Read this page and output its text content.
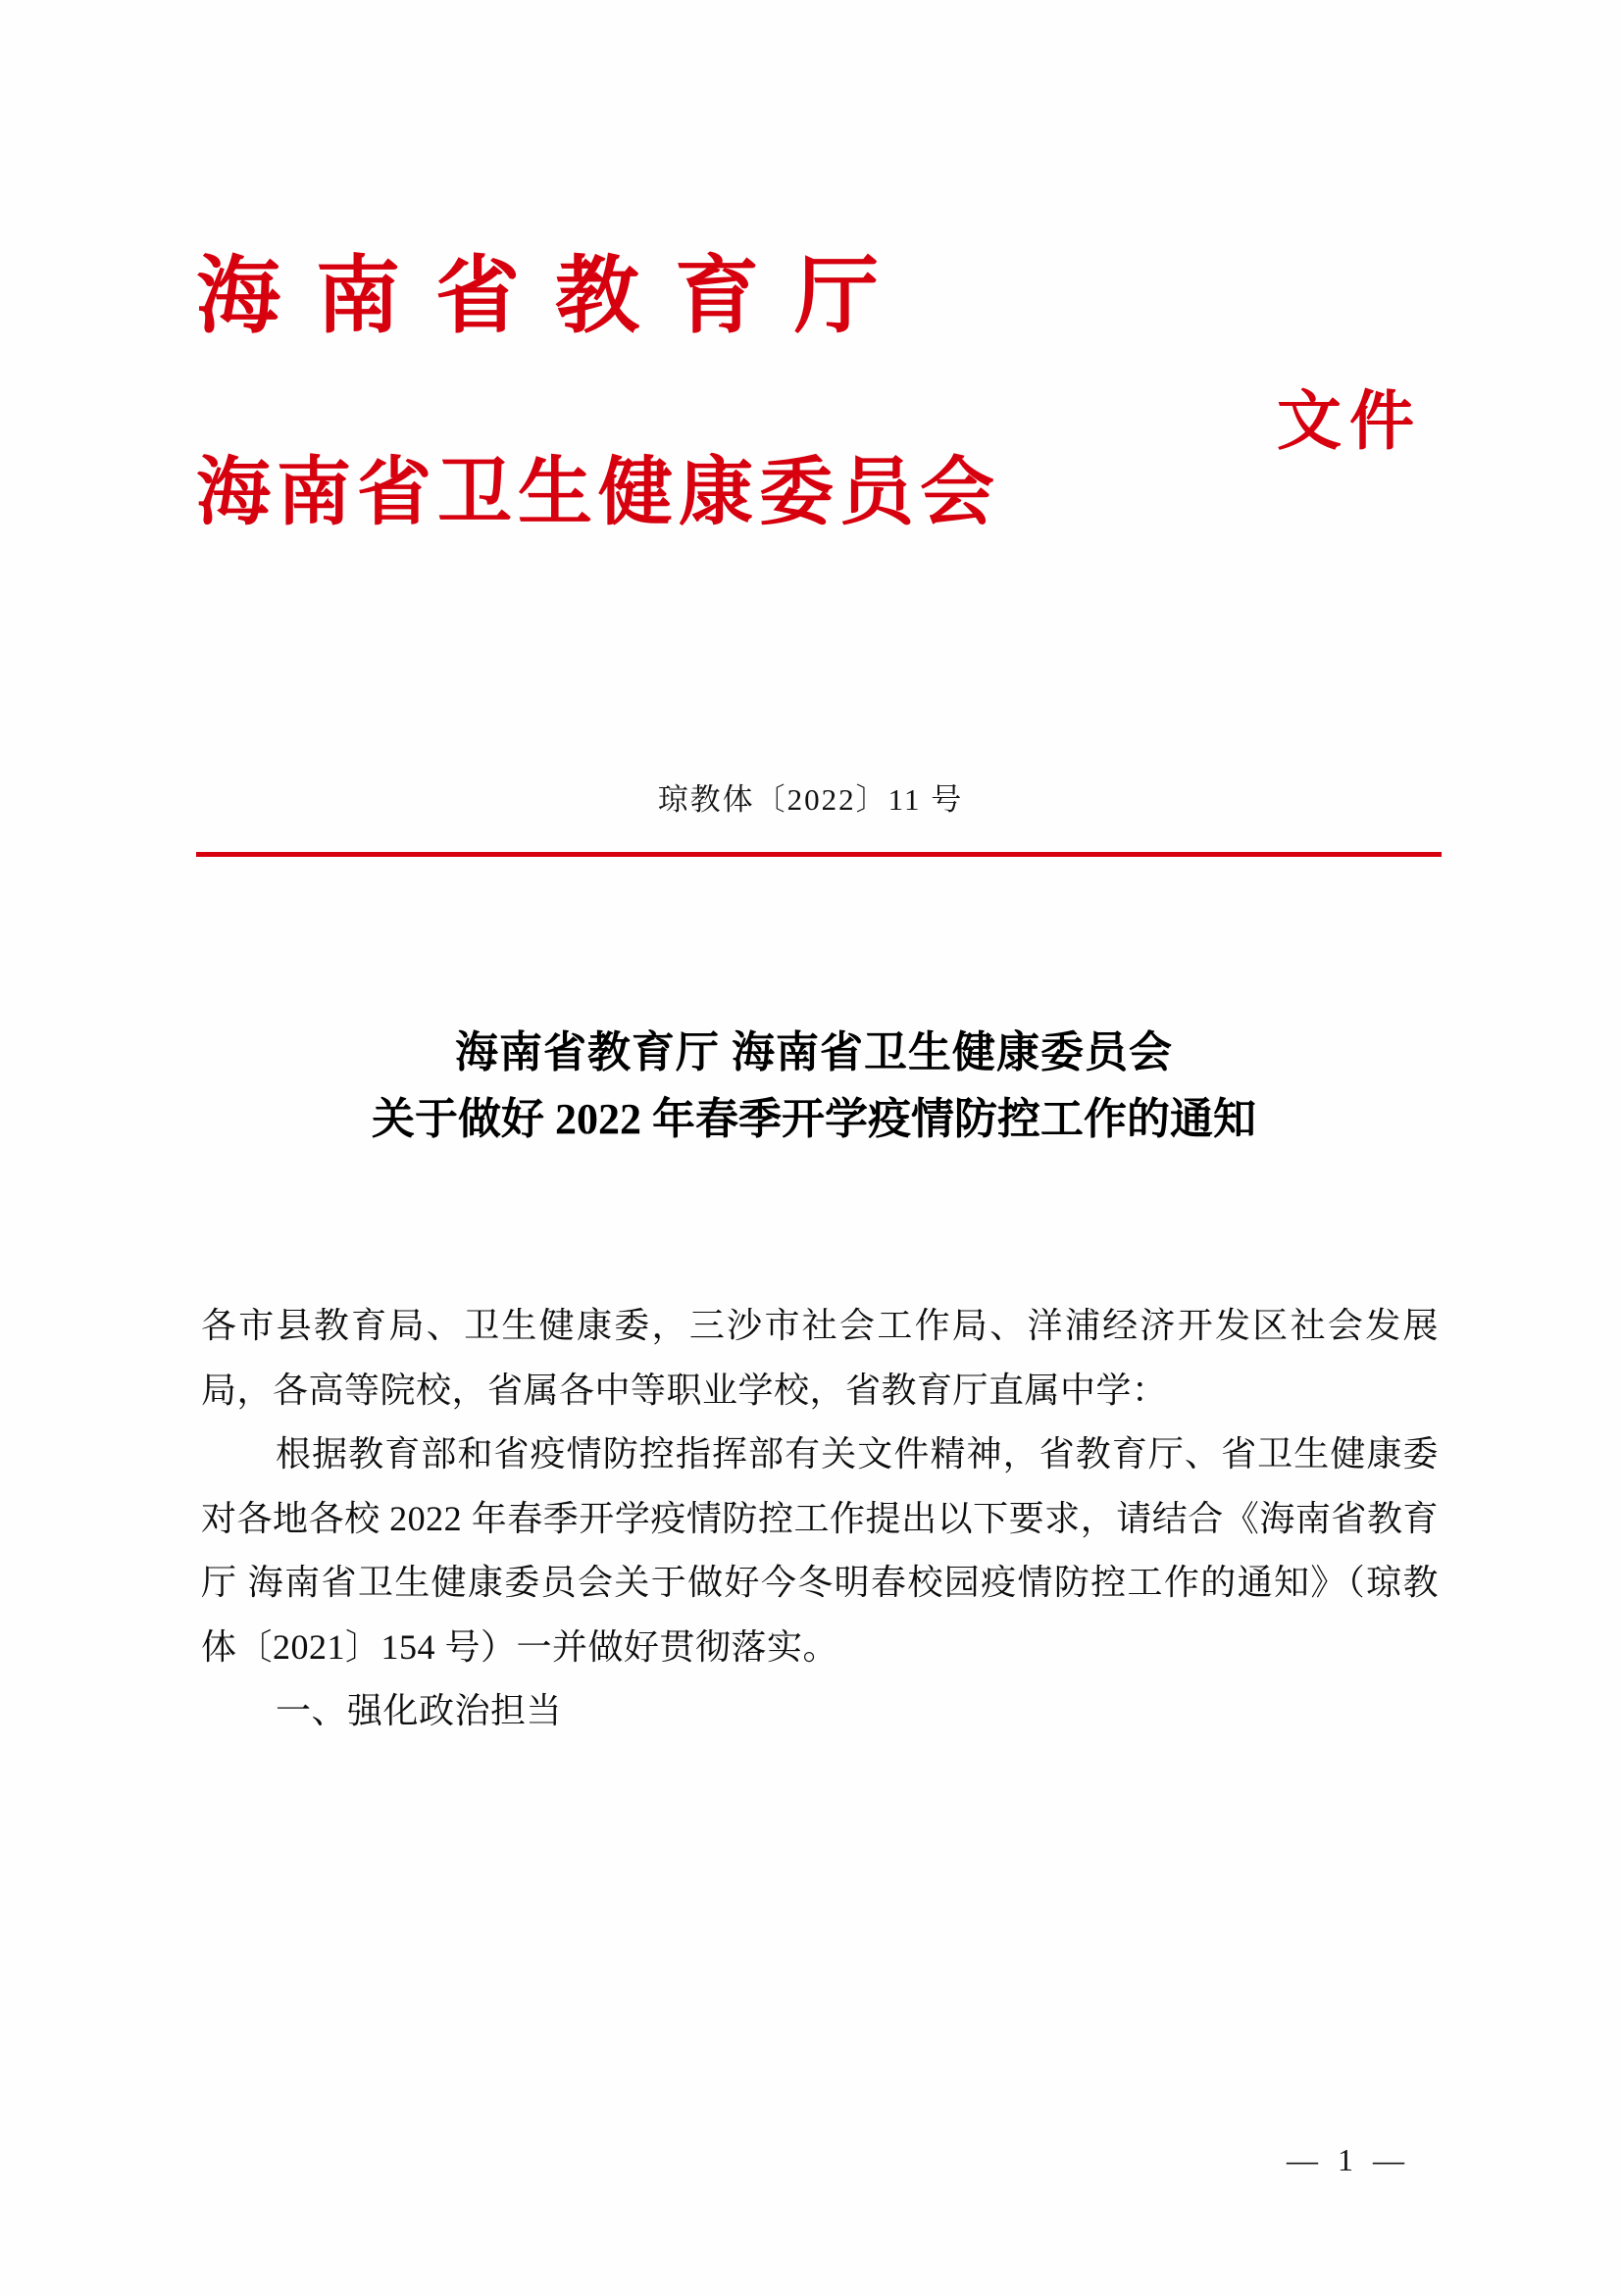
海南省教育厅
文件
海南省卫生健康委员会
琼教体〔2022〕11 号
海南省教育厅 海南省卫生健康委员会
关于做好 2022 年春季开学疫情防控工作的通知

各市县教育局、卫生健康委，三沙市社会工作局、洋浦经济开发区社会发展局，各高等院校，省属各中等职业学校，省教育厅直属中学：

根据教育部和省疫情防控指挥部有关文件精神，省教育厅、省卫生健康委对各地各校 2022 年春季开学疫情防控工作提出以下要求，请结合《海南省教育厅 海南省卫生健康委员会关于做好今冬明春校园疫情防控工作的通知》（琼教体〔2021〕154 号）一并做好贯彻落实。

一、强化政治担当

— 1 —
